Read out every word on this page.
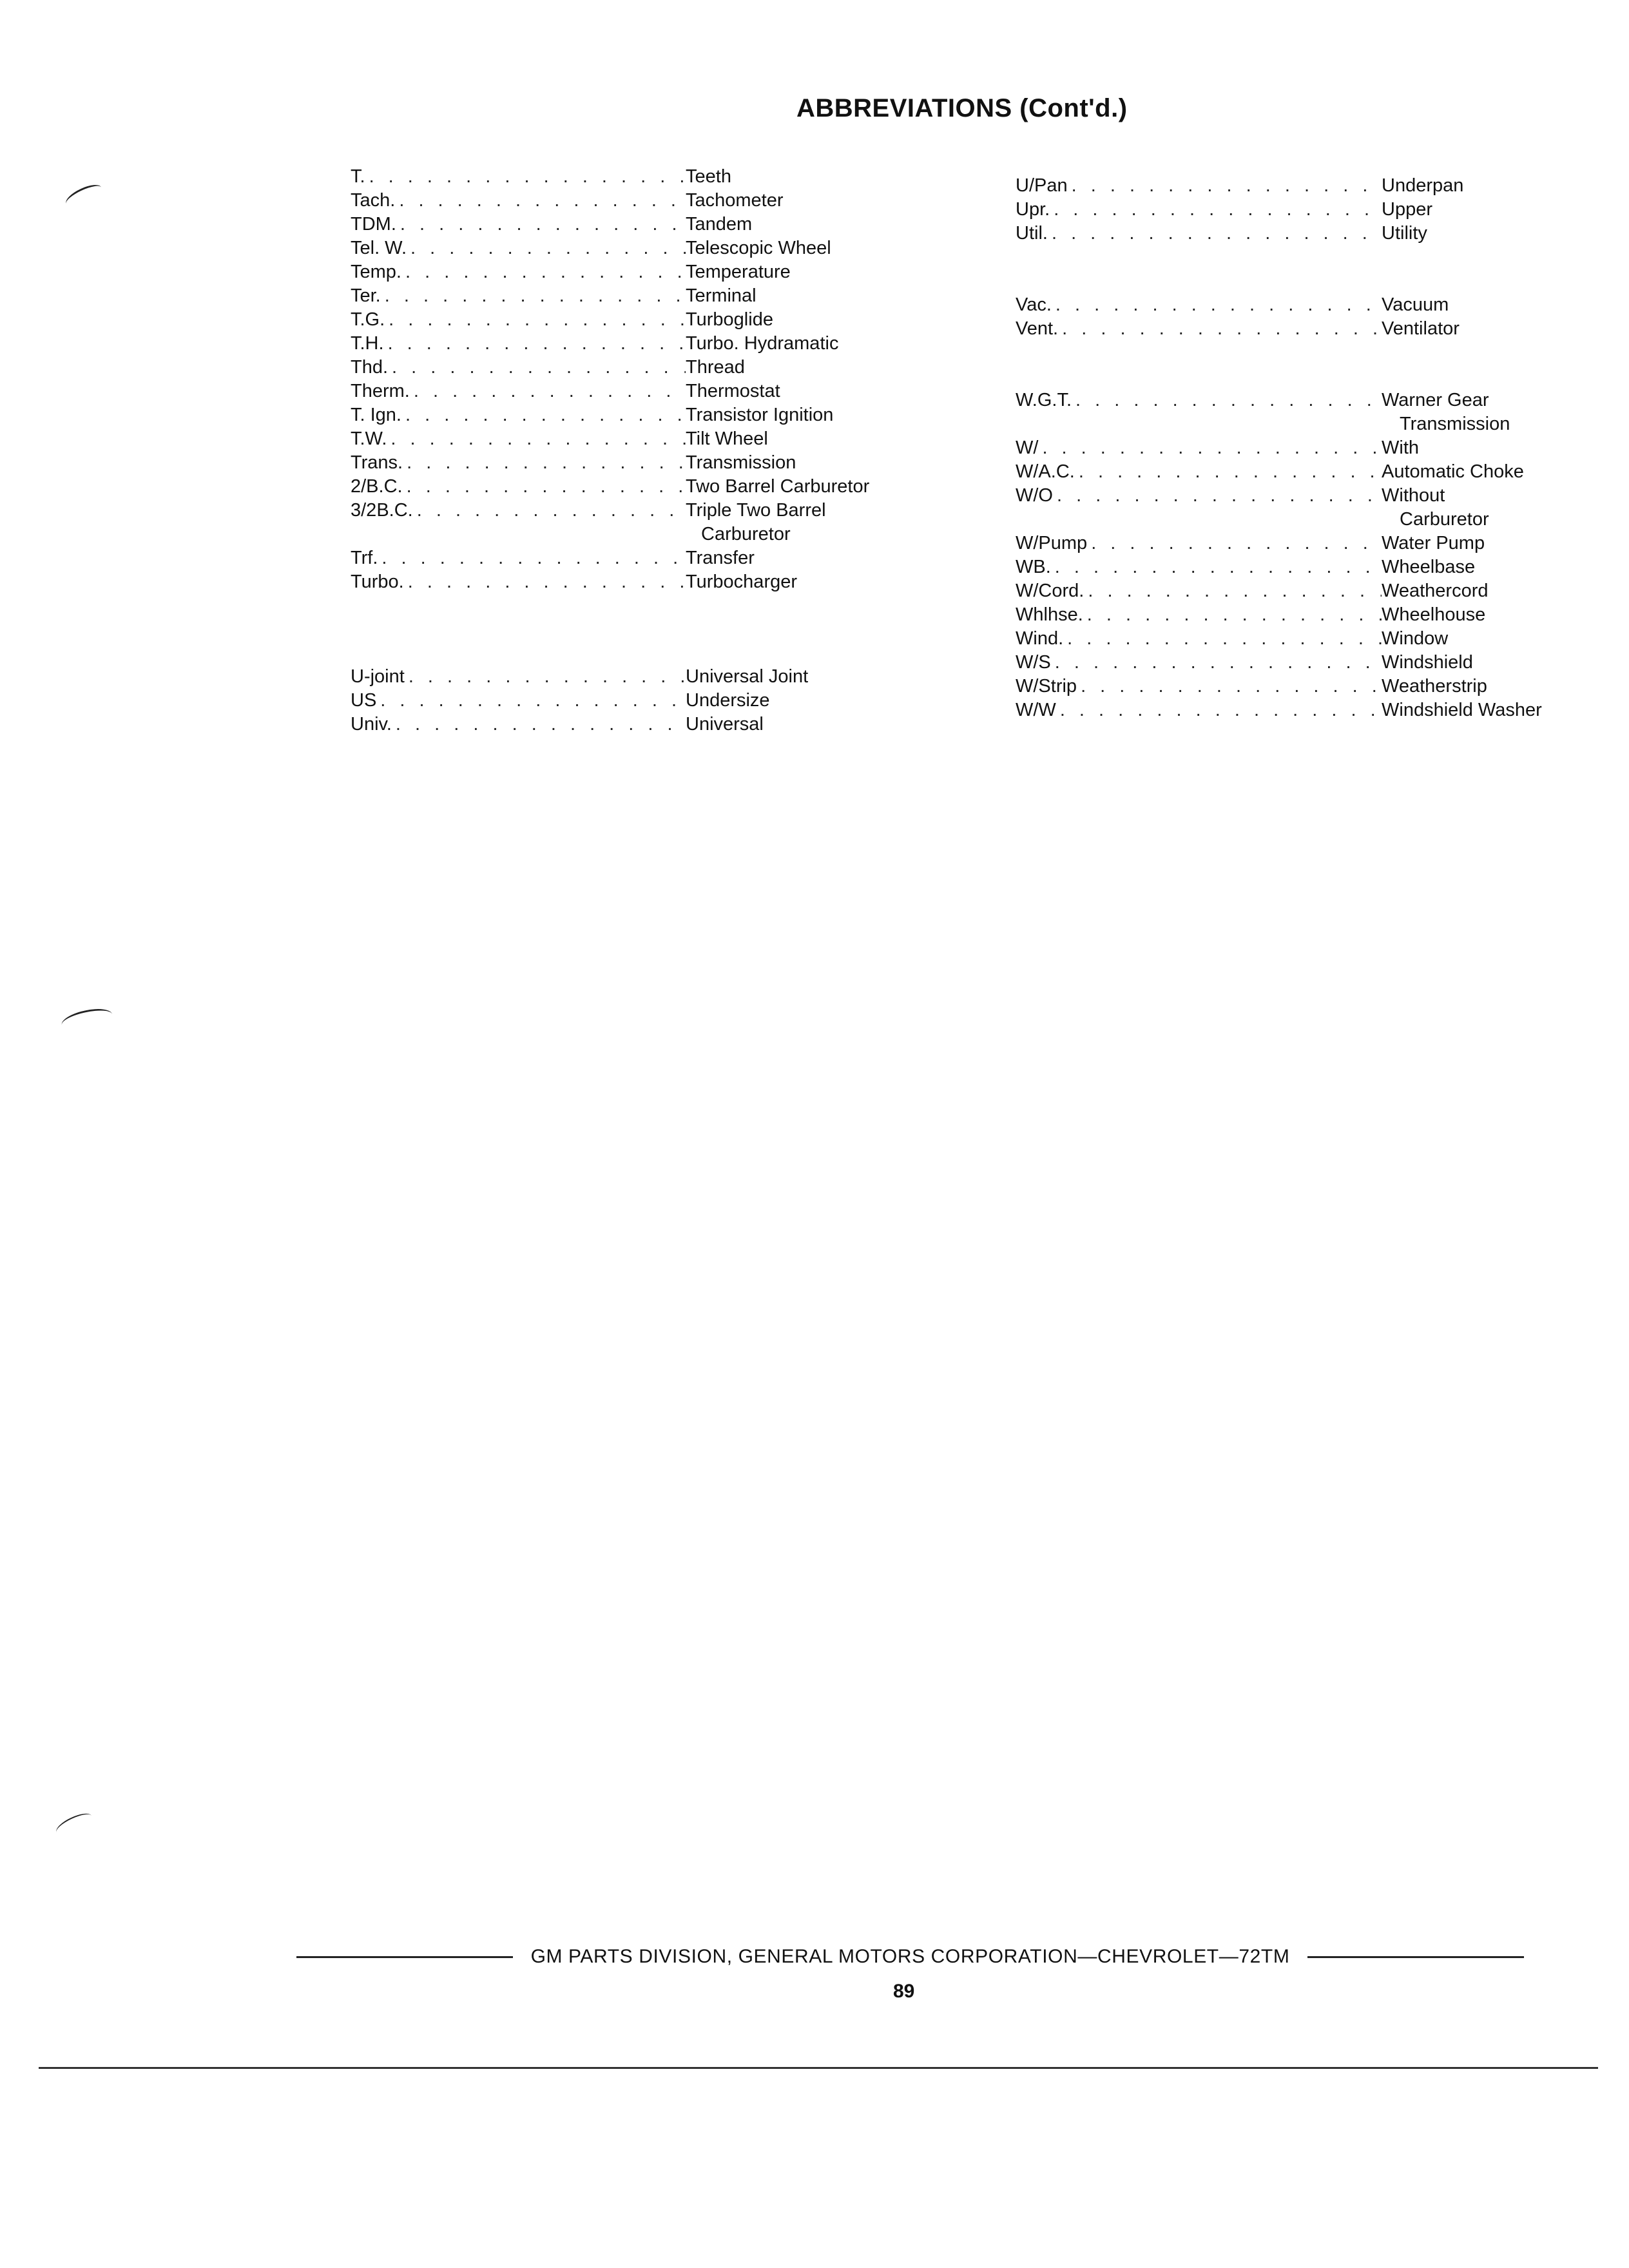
ABBREVIATIONS (Cont'd.)
T. . . .	Teeth
Tach. . . .	Tachometer
TDM. . . .	Tandem
Tel. W. . . .	Telescopic Wheel
Temp. . . .	Temperature
Ter. . . .	Terminal
T.G. . . .	Turboglide
T.H. . . .	Turbo. Hydramatic
Thd. . . .	Thread
Therm. . . .	Thermostat
T. Ign. . . .	Transistor Ignition
T.W. . . .	Tilt Wheel
Trans. . . .	Transmission
2/B.C. . . .	Two Barrel Carburetor
3/2B.C. . . .	Triple Two Barrel
Carburetor
Trf. . . .	Transfer
Turbo. . . .	Turbocharger
U-joint . . .	Universal Joint
US . . .	Undersize
Univ. . . .	Universal
U/Pan . . .	Underpan
Upr. . . .	Upper
Util. . . .	Utility
Vac. . . .	Vacuum
Vent. . . .	Ventilator
W.G.T. . . .	Warner Gear
Transmission
W/ . . .	With
W/A.C. . . .	Automatic Choke
W/O . . .	Without
Carburetor
W/Pump . . .	Water Pump
WB. . . .	Wheelbase
W/Cord. . . .	Weathercord
Whlhse. . . .	Wheelhouse
Wind. . . .	Window
W/S . . .	Windshield
W/Strip . . .	Weatherstrip
W/W . . .	Windshield Washer
GM PARTS DIVISION, GENERAL MOTORS CORPORATION—CHEVROLET—72TM
89
